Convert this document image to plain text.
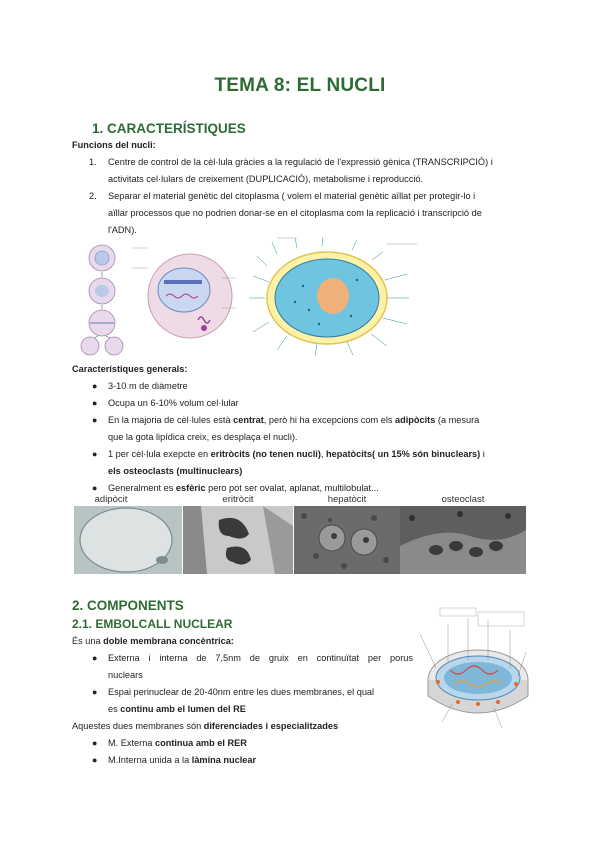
TEMA 8: EL NUCLI
1. CARACTERÍSTIQUES
Funcions del nucli:
1. Centre de control de la cèl·lula gràcies a la regulació de l'expressió gènica (TRANSCRIPCIÓ) i
activitats cel·lulars de creixement (DUPLICACIÓ), metabolisme i reproducció.
2. Separar el material genètic del citoplasma ( volem el material genètic aïllat per protegir-lo i
aïllar processos que no podrien donar-se en el citoplasma com la replicació i transcripció de
l'ADN).
Característiques generals:
● 3-10 m de diàmetre
● Ocupa un 6-10% volum cel·lular
● En la majoria de cèl·lules està centrat, però hi ha excepcions com els adipòcits (a mesura
que la gota lipídica creix, es desplaça el nucli).
● 1 per cèl·lula exepcte en eritròcits (no tenen nucli), hepatòcits( un 15% són binuclears) i
els osteoclasts (multinuclears)
● Generalment es esfèric pero pot ser ovalat, aplanat, multilobulat...
adipòcit	eritròcit	hepatòcit	osteoclast
2. COMPONENTS
2.1. EMBOLCALL NUCLEAR
És una doble membrana concèntrica:
● Externa i interna de 7,5nm de gruix en continuïtat per porus
nuclears
● Espai perinuclear de 20-40nm entre les dues membranes, el qual
es continu amb el lumen del RE
Aquestes dues membranes són diferenciades i especialitzades
● M. Externa continua amb el RER
● M.Interna unida a la làmina nuclear
